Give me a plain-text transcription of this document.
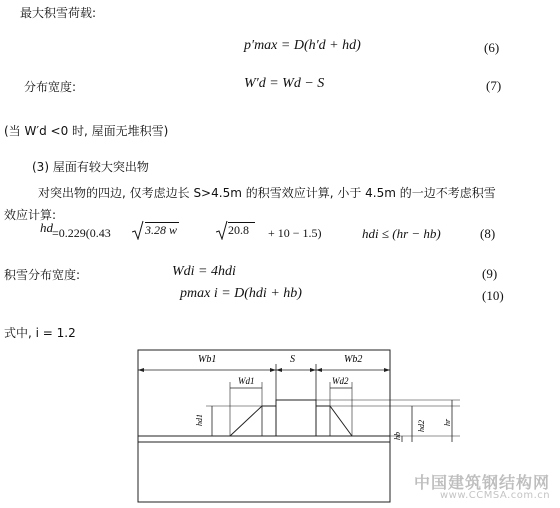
最大积雪荷载:
p′max = D(h′d + hd)	(6)
分布宽度:	W′d = Wd − S	(7)
(当 W′d <0 时, 屋面无堆积雪)
(3) 屋面有较大突出物
对突出物的四边, 仅考虑边长 S>4.5m 的积雪效应计算, 小于 4.5m 的一边不考虑积雪
效应计算:
hd =0.229(0.43	3.28 w	20.8	+ 10 − 1.5)	hdi ≤ (hr − hb)	(8)
积雪分布宽度:	Wdi = 4hdi	(9)
pmax i = D(hdi + hb)	(10)
式中, i = 1.2
Wb1	S	Wb2
Wd1	Wd2
hd1
hb
hd2 hr
中国建筑钢结构网
www.CCMSA.com.cn
